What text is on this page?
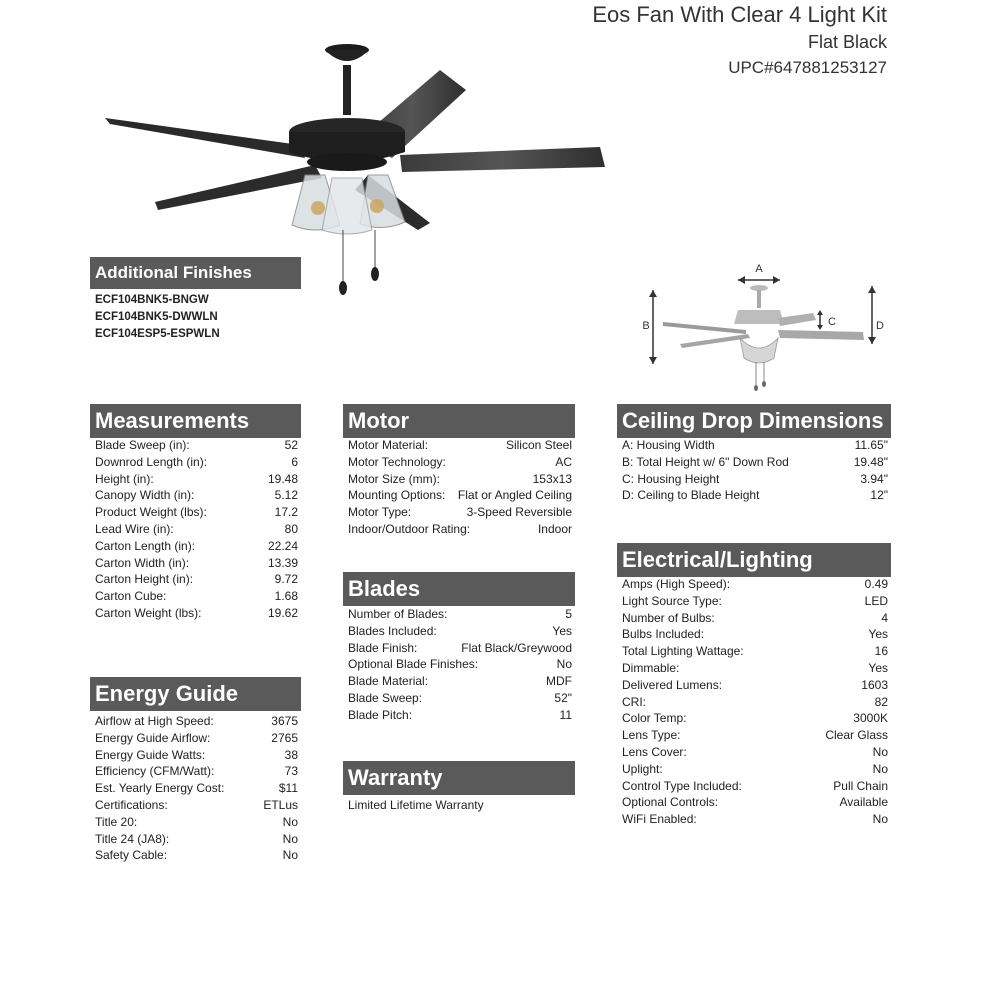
Eos Fan With Clear 4 Light Kit
Flat Black
UPC#647881253127
Additional Finishes
ECF104BNK5-BNGW
ECF104BNK5-DWWLN
ECF104ESP5-ESPWLN
A
B	C	D
Measurements
Blade Sweep (in):	52
Downrod Length (in):	6
Height (in):	19.48
Canopy Width (in):	5.12
Product Weight (lbs):	17.2
Lead Wire (in):	80
Carton Length (in):	22.24
Carton Width (in):	13.39
Carton Height (in):	9.72
Carton Cube:	1.68
Carton Weight (lbs):	19.62
Energy Guide
Airflow at High Speed:	3675
Energy Guide Airflow:	2765
Energy Guide Watts:	38
Efficiency (CFM/Watt):	73
Est. Yearly Energy Cost:	$11
Certifications:	ETLus
Title 20:	No
Title 24 (JA8):	No
Safety Cable:	No
Motor
Motor Material:	Silicon Steel
Motor Technology:	AC
Motor Size (mm):	153x13
Mounting Options: Flat or Angled Ceiling
Motor Type:	3-Speed Reversible
Indoor/Outdoor Rating:	Indoor
Blades
Number of Blades:	5
Blades Included:	Yes
Blade Finish:	Flat Black/Greywood
Optional Blade Finishes:	No
Blade Material:	MDF
Blade Sweep:	52"
Blade Pitch:	11
Warranty
Limited Lifetime Warranty
Ceiling Drop Dimensions
A: Housing Width	11.65"
B: Total Height w/ 6" Down Rod	19.48"
C: Housing Height	3.94"
D: Ceiling to Blade Height	12"
Electrical/Lighting
Amps (High Speed):	0.49
Light Source Type:	LED
Number of Bulbs:	4
Bulbs Included:	Yes
Total Lighting Wattage:	16
Dimmable:	Yes
Delivered Lumens:	1603
CRI:	82
Color Temp:	3000K
Lens Type:	Clear Glass
Lens Cover:	No
Uplight:	No
Control Type Included:	Pull Chain
Optional Controls:	Available
WiFi Enabled:	No
